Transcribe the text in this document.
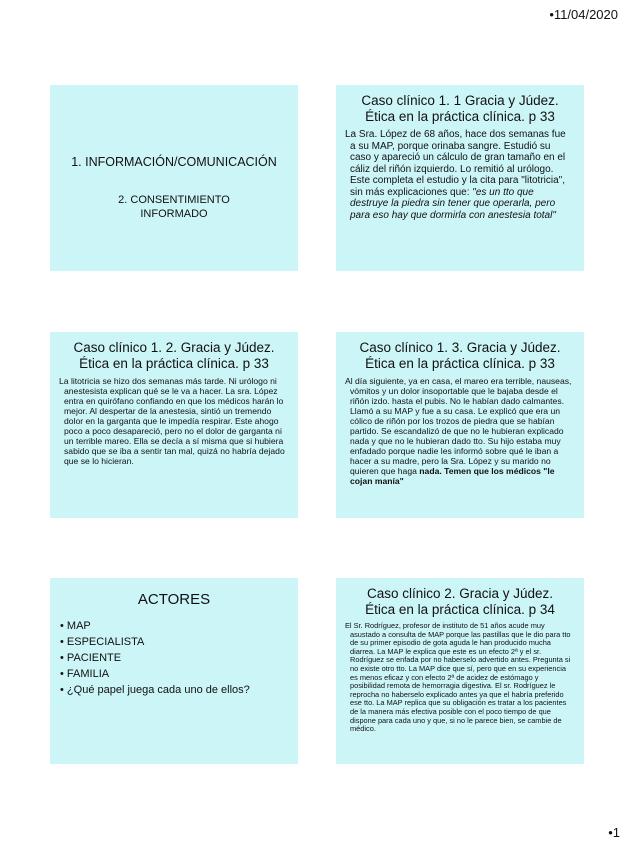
•11/04/2020
1. INFORMACIÓN/COMUNICACIÓN
2. CONSENTIMIENTO
INFORMADO
Caso clínico 1. 1 Gracia y Júdez.
Ética en la práctica clínica. p 33
La Sra. López de 68 años, hace dos semanas fue a su MAP, porque orinaba sangre. Estudió su caso y apareció un cálculo de gran tamaño en el cáliz del riñón izquierdo. Lo remitió al urólogo. Este completa el estudio y la cita para "litotricia", sin más explicaciones que: "es un tto que destruye la piedra sin tener que operarla, pero para eso hay que dormirla con anestesia total"
Caso clínico 1. 2. Gracia y Júdez.
Ética en la práctica clínica. p 33
La litotricia se hizo dos semanas más tarde. Ni urólogo ni anestesista explican qué se le va a hacer. La sra. López entra en quirófano confiando en que los médicos harán lo mejor. Al despertar de la anestesia, sintió un tremendo dolor en la garganta que le impedía respirar. Este ahogo poco a poco desapareció, pero no el dolor de garganta ni un terrible mareo. Ella se decía a sí misma que si hubiera sabido que se iba a sentir tan mal, quizá no habría dejado que se lo hicieran.
Caso clínico 1. 3. Gracia y Júdez.
Ética en la práctica clínica. p 33
Al día siguiente, ya en casa, el mareo era terrible, nauseas, vómitos y un dolor insoportable que le bajaba desde el riñón izdo. hasta el pubis. No le habían dado calmantes. Llamó a su MAP y fue a su casa. Le explicó que era un cólico de riñón por los trozos de piedra que se habían partido. Se escandalizó de que no le hubieran explicado nada y que no le hubieran dado tto. Su hijo estaba muy enfadado porque nadie les informó sobre qué le iban a hacer a su madre, pero la Sra. López y su marido no quieren que haga nada. Temen que los médicos "le cojan manía"
ACTORES
• MAP
• ESPECIALISTA
• PACIENTE
• FAMILIA
• ¿Qué papel juega cada uno de ellos?
Caso clínico 2. Gracia y Júdez.
Ética en la práctica clínica. p 34
El Sr. Rodríguez, profesor de instituto de 51 años acude muy asustado a consulta de MAP porque las pastillas que le dio para tto de su primer episodio de gota aguda le han producido mucha diarrea. La MAP le explica que este es un efecto 2ª y el sr. Rodríguez se enfada por no haberselo advertido antes. Pregunta si no existe otro tto. La MAP dice que sí, pero que en su experiencia es menos eficaz y con efecto 2ª de acidez de estómago y posibilidad remota de hemorragia digestiva. El sr. Rodríguez le reprocha no haberselo explicado antes ya que el habría preferido ese tto. La MAP replica que su obligación es tratar a los pacientes de la manera más efectiva posible con el poco tiempo de que dispone para cada uno y que, si no le parece bien, se cambie de médico.
•1
